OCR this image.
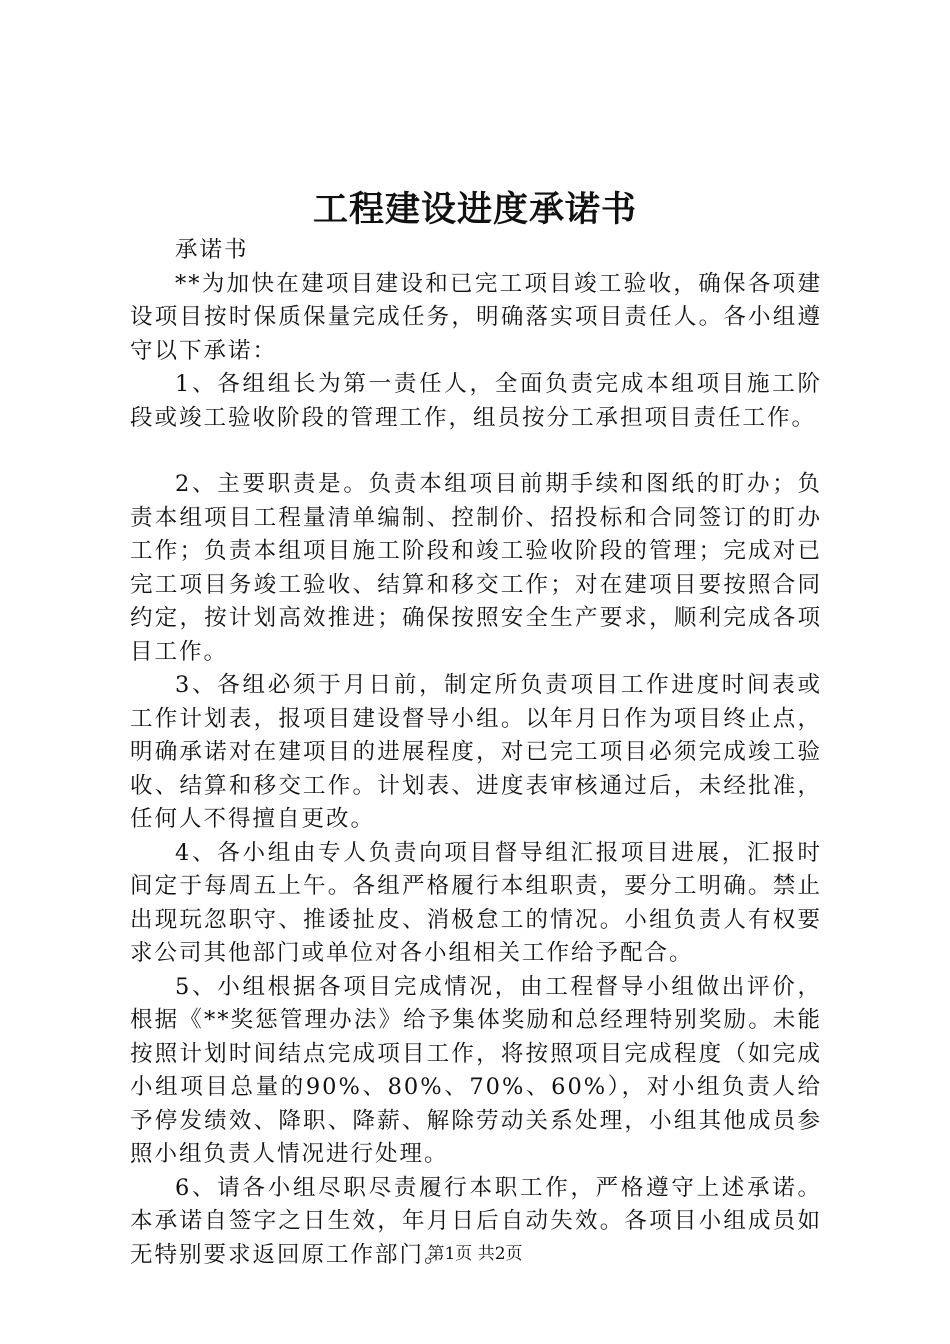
工程建设进度承诺书

承诺书

**为加快在建项目建设和已完工项目竣工验收，确保各项建设项目按时保质保量完成任务，明确落实项目责任人。各小组遵守以下承诺：

1、各组组长为第一责任人，全面负责完成本组项目施工阶段或竣工验收阶段的管理工作，组员按分工承担项目责任工作。

2、主要职责是。负责本组项目前期手续和图纸的盯办；负责本组项目工程量清单编制、控制价、招投标和合同签订的盯办工作；负责本组项目施工阶段和竣工验收阶段的管理；完成对已完工项目务竣工验收、结算和移交工作；对在建项目要按照合同约定，按计划高效推进；确保按照安全生产要求，顺利完成各项目工作。

3、各组必须于月日前，制定所负责项目工作进度时间表或工作计划表，报项目建设督导小组。以年月日作为项目终止点，明确承诺对在建项目的进展程度，对已完工项目必须完成竣工验收、结算和移交工作。计划表、进度表审核通过后，未经批准，任何人不得擅自更改。

4、各小组由专人负责向项目督导组汇报项目进展，汇报时间定于每周五上午。各组严格履行本组职责，要分工明确。禁止出现玩忽职守、推诿扯皮、消极怠工的情况。小组负责人有权要求公司其他部门或单位对各小组相关工作给予配合。

5、小组根据各项目完成情况，由工程督导小组做出评价，根据《**奖惩管理办法》给予集体奖励和总经理特别奖励。未能按照计划时间结点完成项目工作，将按照项目完成程度（如完成小组项目总量的90%、80%、70%、60%），对小组负责人给予停发绩效、降职、降薪、解除劳动关系处理，小组其他成员参照小组负责人情况进行处理。

6、请各小组尽职尽责履行本职工作，严格遵守上述承诺。本承诺自签字之日生效，年月日后自动失效。各项目小组成员如无特别要求返回原工作部门。

第1页 共2页
